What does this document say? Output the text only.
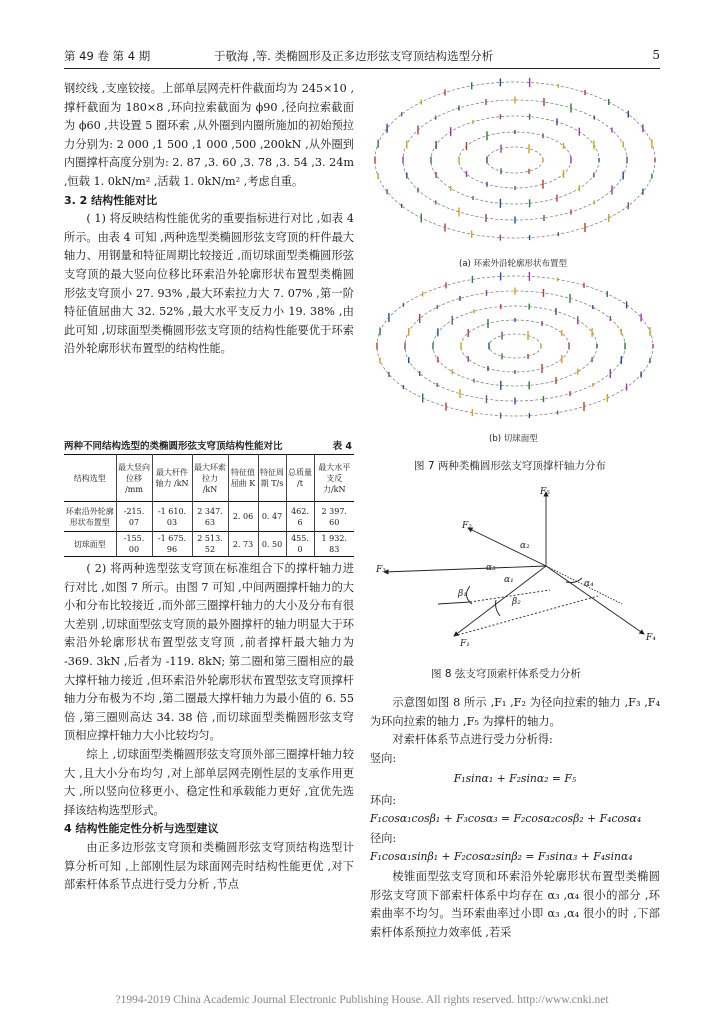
第 49 卷 第 4 期	于敬海 ,等. 类椭圆形及正多边形弦支穹顶结构选型分析	5

钢绞线 ,支座铰接。上部单层网壳杆件截面均为 245×10 ,撑杆截面为 180×8 ,环向拉索截面为 ϕ90 ,径向拉索截面为 ϕ60 ,共设置 5 圈环索 ,从外圈到内圈所施加的初始预拉力分别为: 2 000 ,1 500 ,1 000 ,500 ,200kN ,从外圈到内圈撑杆高度分别为: 2. 87 ,3. 60 ,3. 78 ,3. 54 ,3. 24m ,恒载 1. 0kN/m² ,活载 1. 0kN/m² ,考虑自重。

3. 2 结构性能对比

( 1) 将反映结构性能优劣的重要指标进行对比 ,如表 4 所示。由表 4 可知 ,两种选型类椭圆形弦支穹顶的杆件最大轴力、用钢量和特征周期比较接近 ,而切球面型类椭圆形弦支穹顶的最大竖向位移比环索沿外轮廓形状布置型类椭圆形弦支穹顶小 27. 93% ,最大环索拉力大 7. 07% ,第一阶特征值屈曲大 32. 52% ,最大水平支反力小 19. 38% ,由此可知 ,切球面型类椭圆形弦支穹顶的结构性能要优于环索沿外轮廓形状布置型的结构性能。

两种不同结构选型的类椭圆形弦支穹顶结构性能对比	表 4
结构选型	最大竖向位移 /mm	最大杆件轴力 /kN	最大环索拉力 /kN	特征值屈曲 K	特征周期 T/s	总质量 /t	最大水平支反力/kN
环索沿外轮廓形状布置型	-215. 07	-1 610. 03	2 347. 63	2. 06	0. 47	462. 6	2 397. 60
切球面型	-155. 00	-1 675. 96	2 513. 52	2. 73	0. 50	455. 0	1 932. 83

( 2) 将两种选型弦支穹顶在标准组合下的撑杆轴力进行对比 ,如图 7 所示。由图 7 可知 ,中间两圈撑杆轴力的大小和分布比较接近 ,而外部三圈撑杆轴力的大小及分布有很大差别 ,切球面型弦支穹顶的最外圈撑杆的轴力明显大于环索沿外轮廓形状布置型弦支穹顶 ,前者撑杆最大轴力为 -369. 3kN ,后者为 -119. 8kN; 第二圈和第三圈相应的最大撑杆轴力接近 ,但环索沿外轮廓形状布置型弦支穹顶撑杆轴力分布极为不均 ,第二圈最大撑杆轴力为最小值的 6. 55 倍 ,第三圈则高达 34. 38 倍 ,而切球面型类椭圆形弦支穹顶相应撑杆轴力大小比较均匀。

综上 ,切球面型类椭圆形弦支穹顶外部三圈撑杆轴力较大 ,且大小分布均匀 ,对上部单层网壳刚性层的支承作用更大 ,所以竖向位移更小、稳定性和承载能力更好 ,宜优先选择该结构选型形式。

4 结构性能定性分析与选型建议

由正多边形弦支穹顶和类椭圆形弦支穹顶结构选型计算分析可知 ,上部刚性层为球面网壳时结构性能更优 ,对下部索杆体系节点进行受力分析 ,节点

(a) 环索外沿轮廓形状布置型
(b) 切球面型
图 7 两种类椭圆形弦支穹顶撑杆轴力分布
F₅
F₂
F₃
F₁
F₄
β₁
β₂
α₁
α₂
α₃
α₄
图 8 弦支穹顶索杆体系受力分析

示意图如图 8 所示 ,F₁ ,F₂ 为径向拉索的轴力 ,F₃ ,F₄ 为环向拉索的轴力 ,F₅ 为撑杆的轴力。

对索杆体系节点进行受力分析得:

竖向:

F₁sinα₁ + F₂sinα₂ = F₅

环向:

F₁cosα₁cosβ₁ + F₃cosα₃ = F₂cosα₂cosβ₂ + F₄cosα₄

径向:

F₁cosα₁sinβ₁ + F₂cosα₂sinβ₂ = F₃sinα₃ + F₄sinα₄

棱锥面型弦支穹顶和环索沿外轮廓形状布置型类椭圆形弦支穹顶下部索杆体系中均存在 α₃ ,α₄ 很小的部分 ,环索曲率不均匀。当环索曲率过小即 α₃ ,α₄ 很小的时 ,下部索杆体系预拉力效率低 ,若采

?1994-2019 China Academic Journal Electronic Publishing House. All rights reserved. http://www.cnki.net
